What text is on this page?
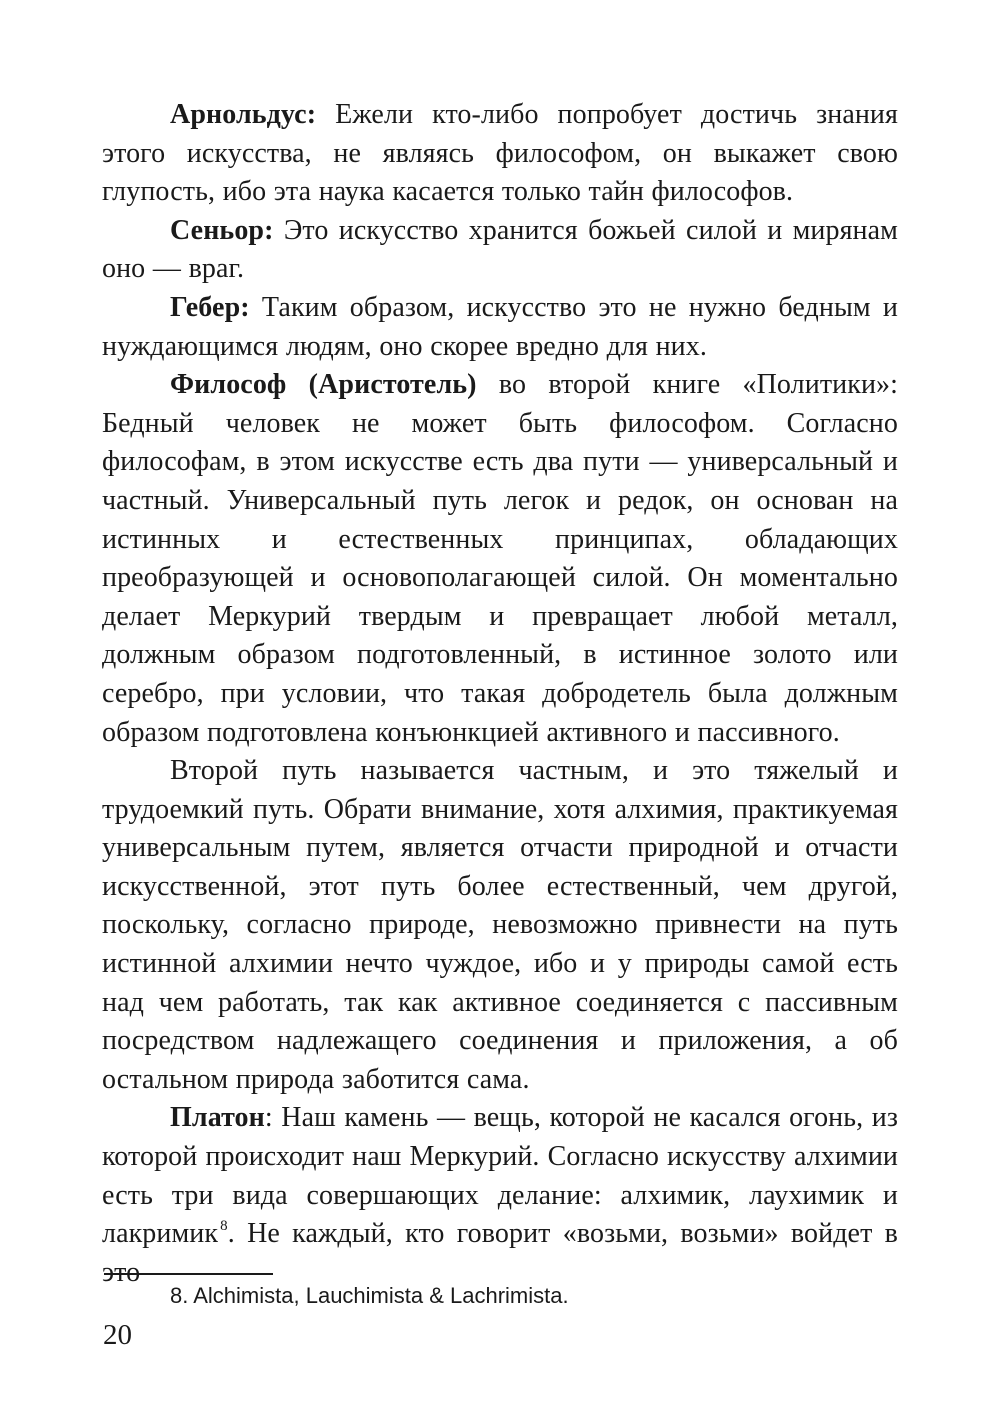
Арнольдус: Ежели кто-либо попробует достичь знания этого искусства, не являясь философом, он выкажет свою глупость, ибо эта наука касается только тайн философов.

Сеньор: Это искусство хранится божьей силой и мирянам оно — враг.

Гебер: Таким образом, искусство это не нужно бедным и нуждающимся людям, оно скорее вредно для них.

Философ (Аристотель) во второй книге «Политики»: Бедный человек не может быть философом. Согласно философам, в этом искусстве есть два пути — универсальный и частный. Универсальный путь легок и редок, он основан на истинных и естественных принципах, обладающих преобразующей и основополагающей силой. Он моментально делает Меркурий твердым и превращает любой металл, должным образом подготовленный, в истинное золото или серебро, при условии, что такая добродетель была должным образом подготовлена конъюнкцией активного и пассивного.

Второй путь называется частным, и это тяжелый и трудоемкий путь. Обрати внимание, хотя алхимия, практикуемая универсальным путем, является отчасти природной и отчасти искусственной, этот путь более естественный, чем другой, поскольку, согласно природе, невозможно привнести на путь истинной алхимии нечто чуждое, ибо и у природы самой есть над чем работать, так как активное соединяется с пассивным посредством надлежащего соединения и приложения, а об остальном природа заботится сама.

Платон: Наш камень — вещь, которой не касался огонь, из которой происходит наш Меркурий. Согласно искусству алхимии есть три вида совершающих делание: алхимик, лаухимик и лакримик $^8$. Не каждый, кто говорит «возьми, возьми» войдет в это

8. Alchimista, Lauchimista & Lachrimista.
20
